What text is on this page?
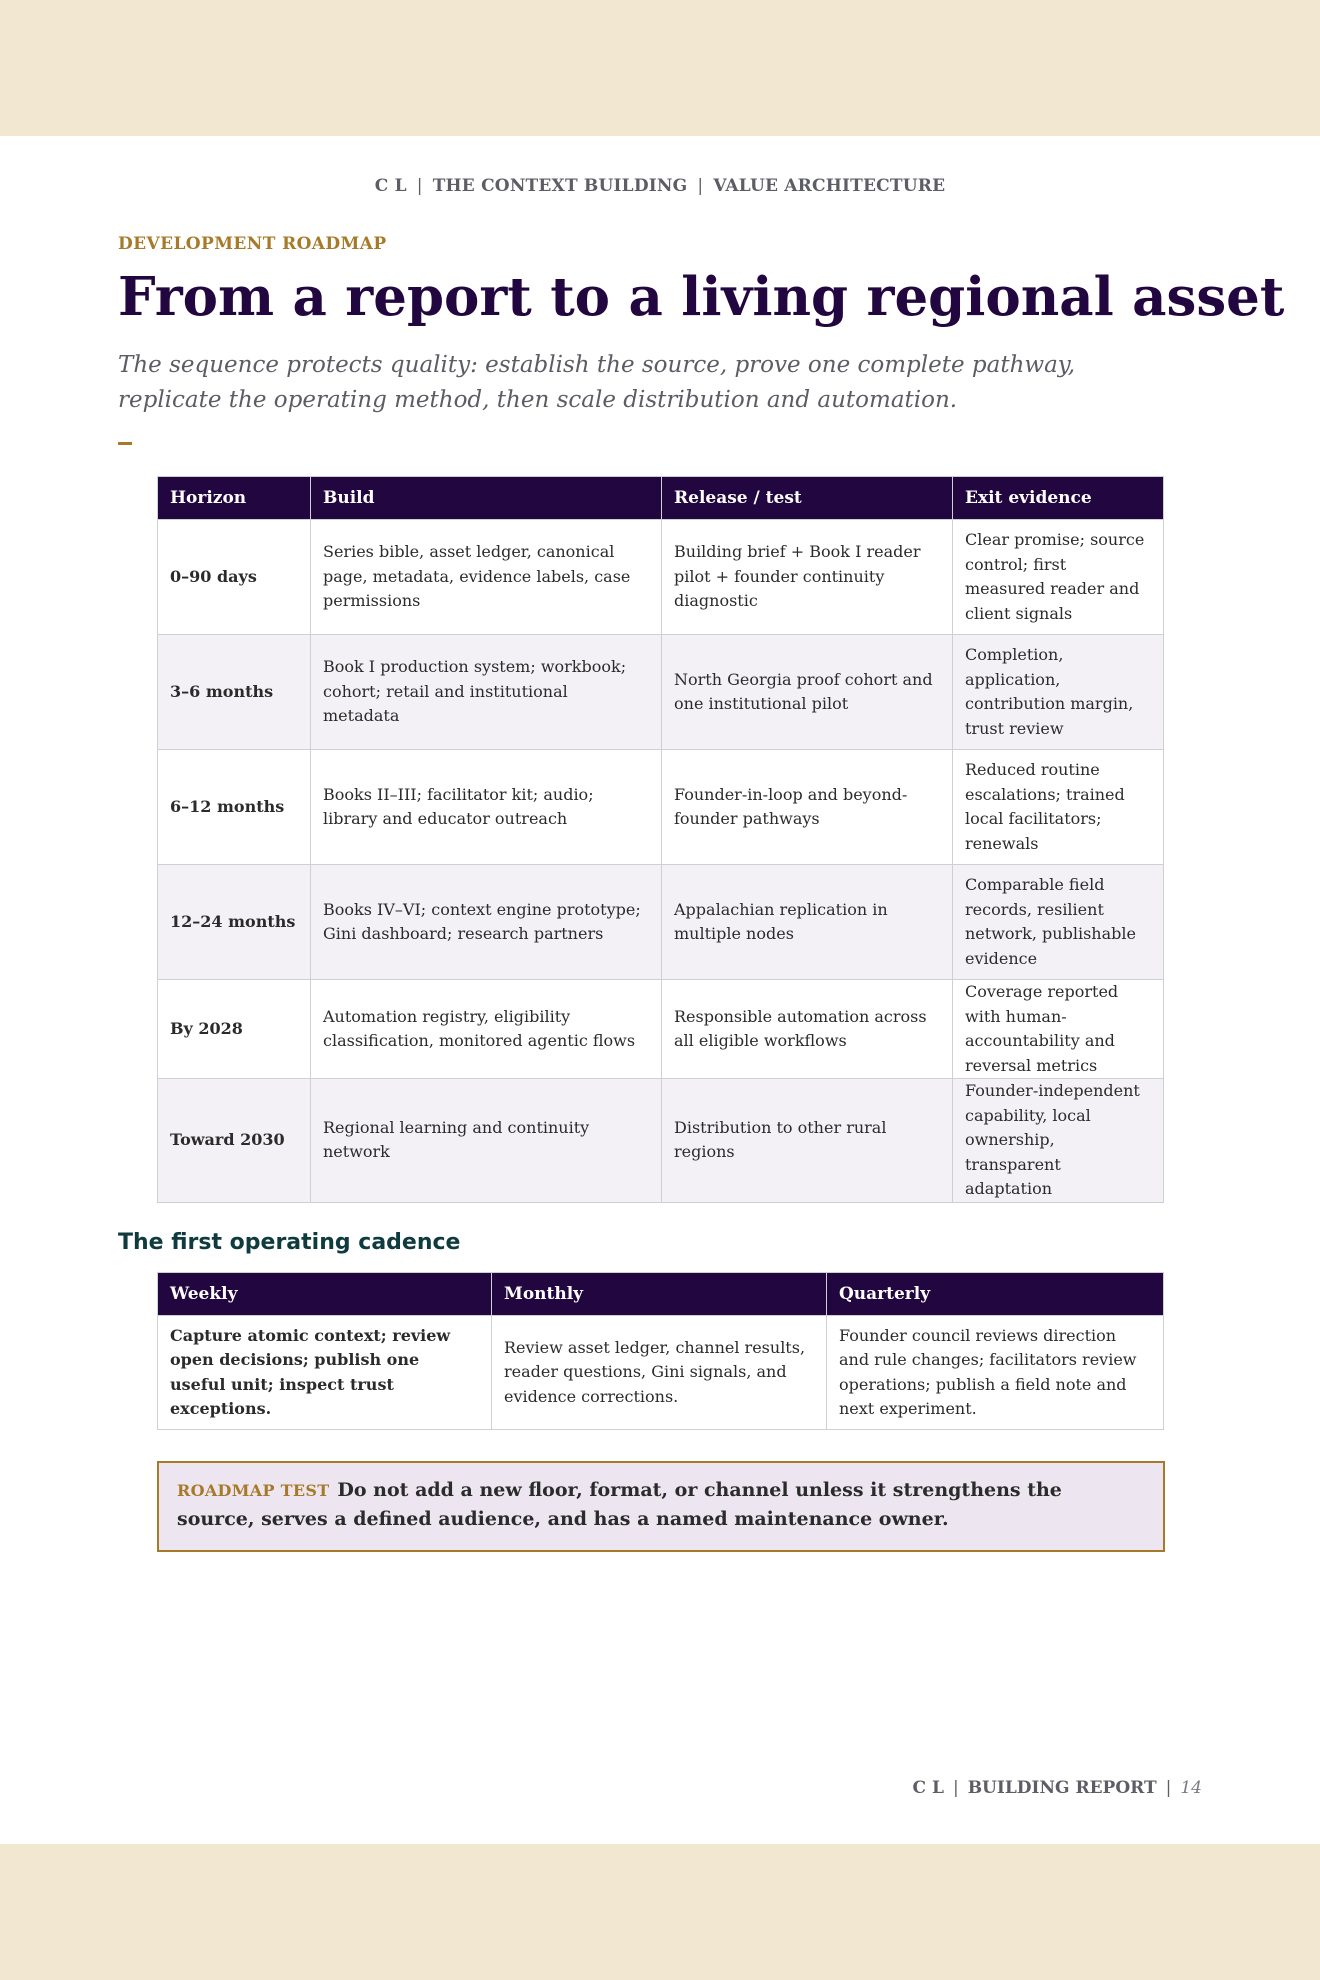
C L | THE CONTEXT BUILDING | VALUE ARCHITECTURE
DEVELOPMENT ROADMAP
From a report to a living regional asset

The sequence protects quality: establish the source, prove one complete pathway, replicate the operating method, then scale distribution and automation.

Horizon	Build	Release / test	Exit evidence
0–90 days	Series bible, asset ledger, canonical page, metadata, evidence labels, case permissions	Building brief + Book I reader pilot + founder continuity diagnostic	Clear promise; source control; first measured reader and client signals
3–6 months	Book I production system; workbook; cohort; retail and institutional metadata	North Georgia proof cohort and one institutional pilot	Completion, application, contribution margin, trust review
6–12 months	Books II–III; facilitator kit; audio; library and educator outreach	Founder-in-loop and beyond-founder pathways	Reduced routine escalations; trained local facilitators; renewals
12–24 months	Books IV–VI; context engine prototype; Gini dashboard; research partners	Appalachian replication in multiple nodes	Comparable field records, resilient network, publishable evidence
By 2028	Automation registry, eligibility classification, monitored agentic flows	Responsible automation across all eligible workflows	Coverage reported with human-accountability and reversal metrics
Toward 2030	Regional learning and continuity network	Distribution to other rural regions	Founder-independent capability, local ownership, transparent adaptation
The first operating cadence
Weekly	Monthly	Quarterly
Capture atomic context; review open decisions; publish one useful unit; inspect trust exceptions.	Review asset ledger, channel results, reader questions, Gini signals, and evidence corrections.	Founder council reviews direction and rule changes; facilitators review operations; publish a field note and next experiment.
ROADMAP TEST Do not add a new floor, format, or channel unless it strengthens the source, serves a defined audience, and has a named maintenance owner.
C L | BUILDING REPORT | 14
